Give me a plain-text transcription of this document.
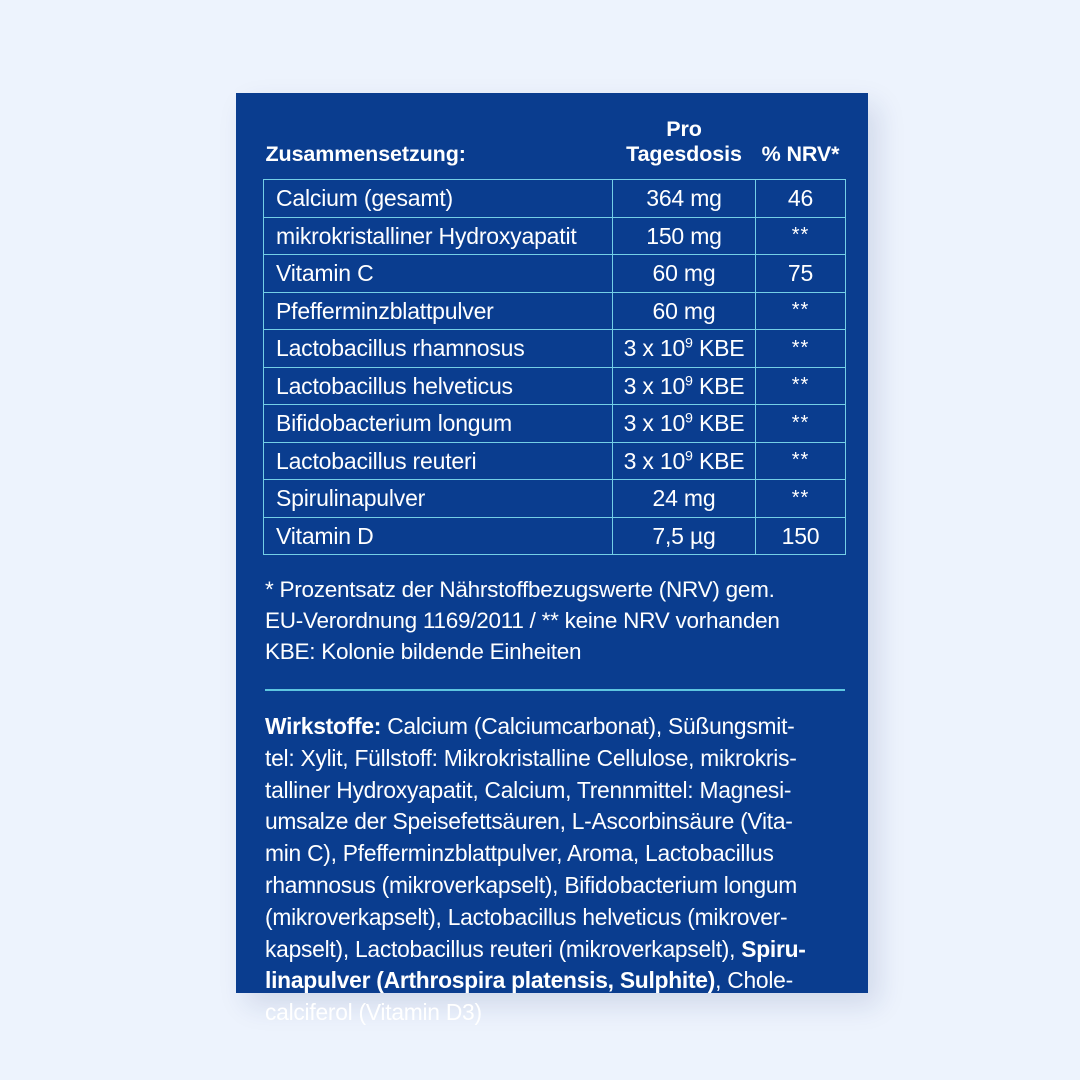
Zusammensetzung:	Pro Tagesdosis	% NRV*
Calcium (gesamt)	364 mg	46
mikrokristalliner Hydroxyapatit	150 mg	**
Vitamin C	60 mg	75
Pfefferminzblattpulver	60 mg	**
Lactobacillus rhamnosus	3 x $10^9$ KBE	**
Lactobacillus helveticus	3 x $10^9$ KBE	**
Bifidobacterium longum	3 x $10^9$ KBE	**
Lactobacillus reuteri	3 x $10^9$ KBE	**
Spirulinapulver	24 mg	**
Vitamin D	7,5 µg	150
* Prozentsatz der Nährstoffbezugswerte (NRV) gem.
EU-Verordnung 1169/2011 / ** keine NRV vorhanden
KBE: Kolonie bildende Einheiten
Wirkstoffe: Calcium (Calciumcarbonat), Süßungsmit-
tel: Xylit, Füllstoff: Mikrokristalline Cellulose, mikrokris-
talliner Hydroxyapatit, Calcium, Trennmittel: Magnesi-
umsalze der Speisefettsäuren, L-Ascorbinsäure (Vita-
min C), Pfefferminzblattpulver, Aroma, Lactobacillus
rhamnosus (mikroverkapselt), Bifidobacterium longum
(mikroverkapselt), Lactobacillus helveticus (mikrover-
kapselt), Lactobacillus reuteri (mikroverkapselt), Spiru-
linapulver (Arthrospira platensis, Sulphite), Chole-
calciferol (Vitamin D3)
